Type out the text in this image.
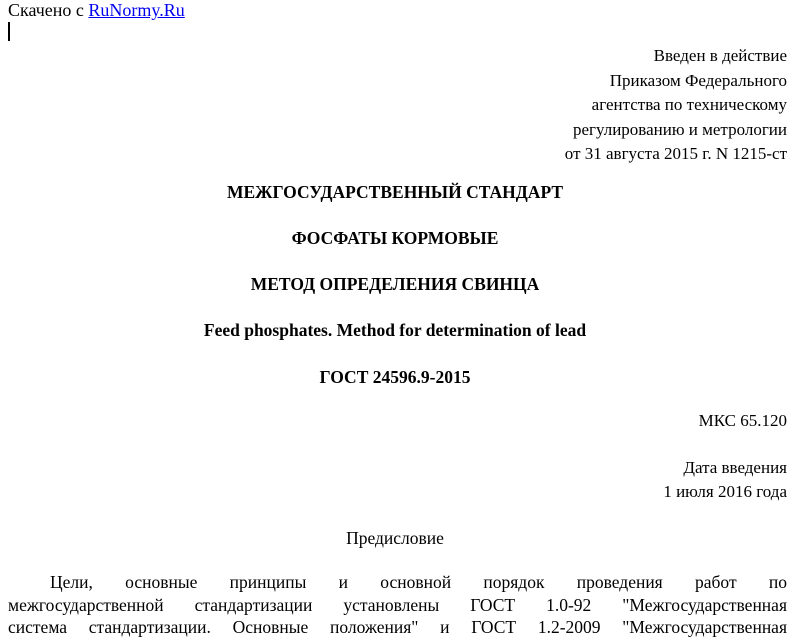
Скачено с RuNormy.Ru
Введен в действие
Приказом Федерального
агентства по техническому
регулированию и метрологии
от 31 августа 2015 г. N 1215-ст
МЕЖГОСУДАРСТВЕННЫЙ СТАНДАРТ
ФОСФАТЫ КОРМОВЫЕ
МЕТОД ОПРЕДЕЛЕНИЯ СВИНЦА
Feed phosphates. Method for determination of lead
ГОСТ 24596.9-2015
МКС 65.120
Дата введения
1 июля 2016 года
Предисловие
Цели, основные принципы и основной порядок проведения работ по
межгосударственной стандартизации установлены ГОСТ 1.0-92 "Межгосударственная
система стандартизации. Основные положения" и ГОСТ 1.2-2009 "Межгосударственная
